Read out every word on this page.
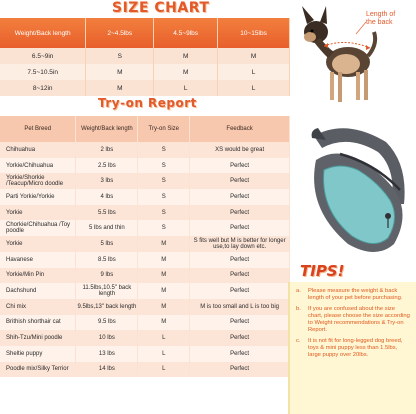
SIZE CHART
Weight/Back length	2~4.5lbs	4.5~9lbs	10~15lbs
6.5~9in	S	M	M
7.5~10.5in	M	M	L
8~12in	M	L	L
Try-on Report
Pet Breed	Weight/Back length	Try-on Size	Feedback
Chihuahua	2 lbs	S	XS would be great
Yorkie/Chihuahua	2.5 lbs	S	Perfect
Yorkie/Shorkie /Teacup/Micro doodle	3 lbs	S	Perfect
Parti Yorkie/Yorkie	4 lbs	S	Perfect
Yorkie	5.5 lbs	S	Perfect
Chorkie/Chihuahua /Toy poodle	5 lbs and thin	S	Perfect
Yorkie	5 lbs	M	S fits well but M is better for longer use,to lay down etc.
Havanese	8.5 lbs	M	Perfect
Yorkie/Min Pin	9 lbs	M	Perfect
Dachshund	11.5lbs,10.5" back length	M	Perfect
Chi mix	9.5lbs,13" back length	M	M is too small and L is too big
Brithish shorthair cat	9.5 lbs	M	Perfect
Shih-Tzu/Mini poodle	10 lbs	L	Perfect
Sheltie puppy	13 lbs	L	Perfect
Poodle mix/Silky Terrior	14 lbs	L	Perfect
Length of
the back
TIPS!
a.	Please measure the weight & back length of your pet before purchasing.
b.	If you are confused about the size chart, please choose the size according to Weight recommendations & Try-on Report.
c.	It is not fit for long-legged dog breed, toys & mini puppy less than 1.5lbs, large puppy over 20lbs.
